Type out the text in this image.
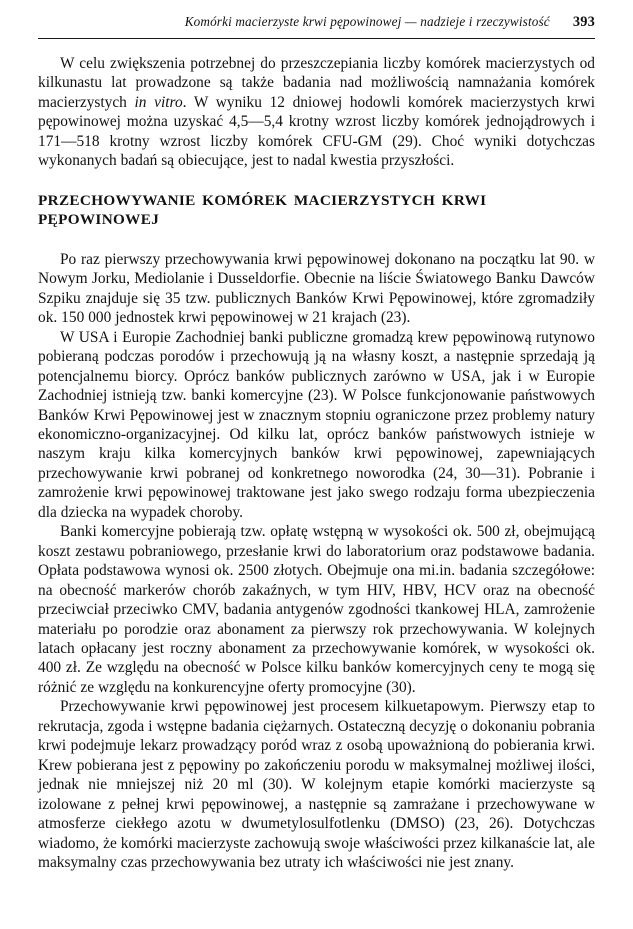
Komórki macierzyste krwi pępowinowej — nadzieje i rzeczywistość 393

W celu zwiększenia potrzebnej do przeszczepiania liczby komórek macierzystych od kilkunastu lat prowadzone są także badania nad możliwością namnażania komórek macierzystych in vitro. W wyniku 12 dniowej hodowli komórek macierzystych krwi pępowinowej można uzyskać 4,5—5,4 krotny wzrost liczby komórek jednojądrowych i 171—518 krotny wzrost liczby komórek CFU-GM (29). Choć wyniki dotychczas wykonanych badań są obiecujące, jest to nadal kwestia przyszłości.

PRZECHOWYWANIE KOMÓREK MACIERZYSTYCH KRWI PĘPOWINOWEJ

Po raz pierwszy przechowywania krwi pępowinowej dokonano na początku lat 90. w Nowym Jorku, Mediolanie i Dusseldorfie. Obecnie na liście Światowego Banku Dawców Szpiku znajduje się 35 tzw. publicznych Banków Krwi Pępowinowej, które zgromadziły ok. 150 000 jednostek krwi pępowinowej w 21 krajach (23).

W USA i Europie Zachodniej banki publiczne gromadzą krew pępowinową rutynowo pobieraną podczas porodów i przechowują ją na własny koszt, a następnie sprzedają ją potencjalnemu biorcy. Oprócz banków publicznych zarówno w USA, jak i w Europie Zachodniej istnieją tzw. banki komercyjne (23). W Polsce funkcjonowanie państwowych Banków Krwi Pępowinowej jest w znacznym stopniu ograniczone przez problemy natury ekonomiczno-organizacyjnej. Od kilku lat, oprócz banków państwowych istnieje w naszym kraju kilka komercyjnych banków krwi pępowinowej, zapewniających przechowywanie krwi pobranej od konkretnego noworodka (24, 30—31). Pobranie i zamrożenie krwi pępowinowej traktowane jest jako swego rodzaju forma ubezpieczenia dla dziecka na wypadek choroby.

Banki komercyjne pobierają tzw. opłatę wstępną w wysokości ok. 500 zł, obejmującą koszt zestawu pobraniowego, przesłanie krwi do laboratorium oraz podstawowe badania. Opłata podstawowa wynosi ok. 2500 złotych. Obejmuje ona mi.in. badania szczegółowe: na obecność markerów chorób zakaźnych, w tym HIV, HBV, HCV oraz na obecność przeciwciał przeciwko CMV, badania antygenów zgodności tkankowej HLA, zamrożenie materiału po porodzie oraz abonament za pierwszy rok przechowywania. W kolejnych latach opłacany jest roczny abonament za przechowywanie komórek, w wysokości ok. 400 zł. Ze względu na obecność w Polsce kilku banków komercyjnych ceny te mogą się różnić ze względu na konkurencyjne oferty promocyjne (30).

Przechowywanie krwi pępowinowej jest procesem kilkuetapowym. Pierwszy etap to rekrutacja, zgoda i wstępne badania ciężarnych. Ostateczną decyzję o dokonaniu pobrania krwi podejmuje lekarz prowadzący poród wraz z osobą upoważnioną do pobierania krwi. Krew pobierana jest z pępowiny po zakończeniu porodu w maksymalnej możliwej ilości, jednak nie mniejszej niż 20 ml (30). W kolejnym etapie komórki macierzyste są izolowane z pełnej krwi pępowinowej, a następnie są zamrażane i przechowywane w atmosferze ciekłego azotu w dwumetylosulfotlenku (DMSO) (23, 26). Dotychczas wiadomo, że komórki macierzyste zachowują swoje właściwości przez kilkanaście lat, ale maksymalny czas przechowywania bez utraty ich właściwości nie jest znany.
